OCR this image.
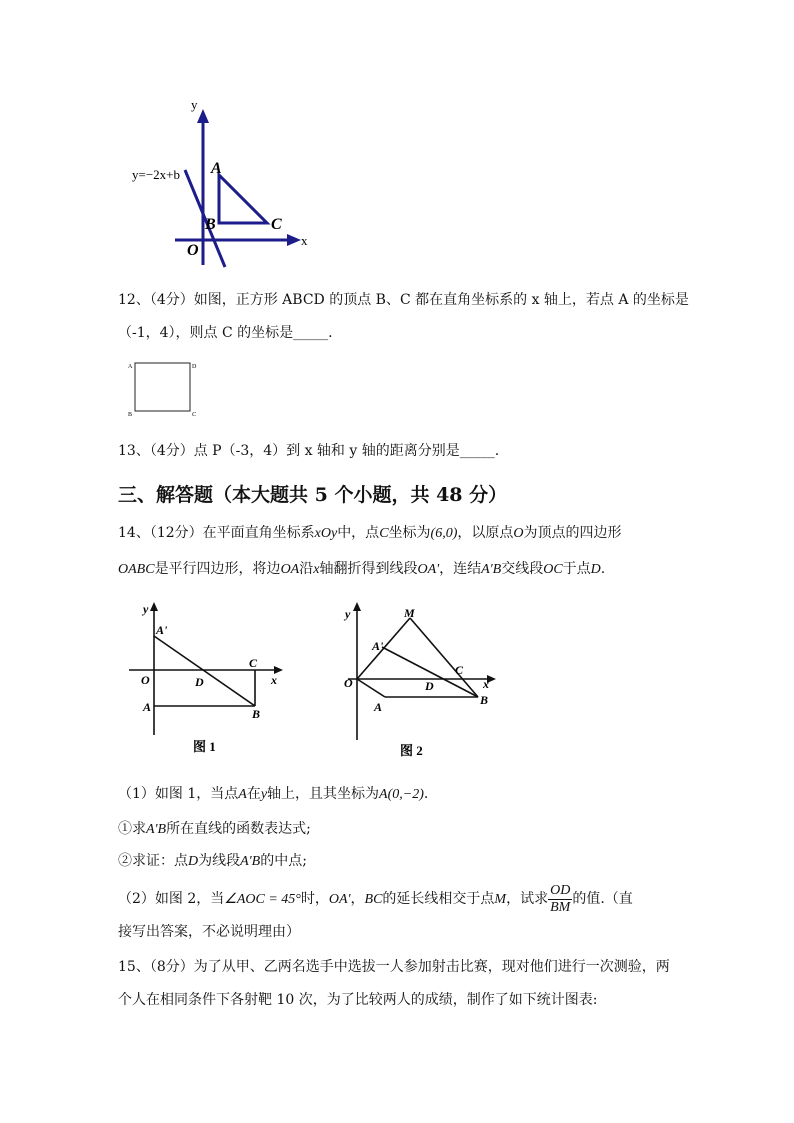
y
x
y=−2x+b A
B	C
O
12、（4分）如图，正方形 ABCD 的顶点 B、C 都在直角坐标系的 x 轴上，若点 A 的坐标是
（-1，4），则点 C 的坐标是_____.
A	D
B	C
13、（4分）点 P（-3，4）到 x 轴和 y 轴的距离分别是_____.
三、解答题（本大题共 5 个小题，共 48 分）
14、（12分）在平面直角坐标系xOy中，点C坐标为(6,0)，以原点O为顶点的四边形
OABC是平行四边形，将边OA沿x轴翻折得到线段OA'，连结A'B交线段OC于点D.
y
x
A'
C
O	D
A	B
图 1
y
x
M
A'
C
O	D
A	B
图 2
（1）如图 1，当点A在y轴上，且其坐标为A(0,−2).
①求A'B所在直线的函数表达式;
②求证：点D为线段A'B的中点;
（2）如图 2，当∠AOC = 45°时，OA'，BC的延长线相交于点M，试求 $\frac{OD}{BM}$ 的值.（直
接写出答案，不必说明理由）
15、（8分）为了从甲、乙两名选手中选拔一人参加射击比赛，现对他们进行一次测验，两
个人在相同条件下各射靶 10 次，为了比较两人的成绩，制作了如下统计图表:
